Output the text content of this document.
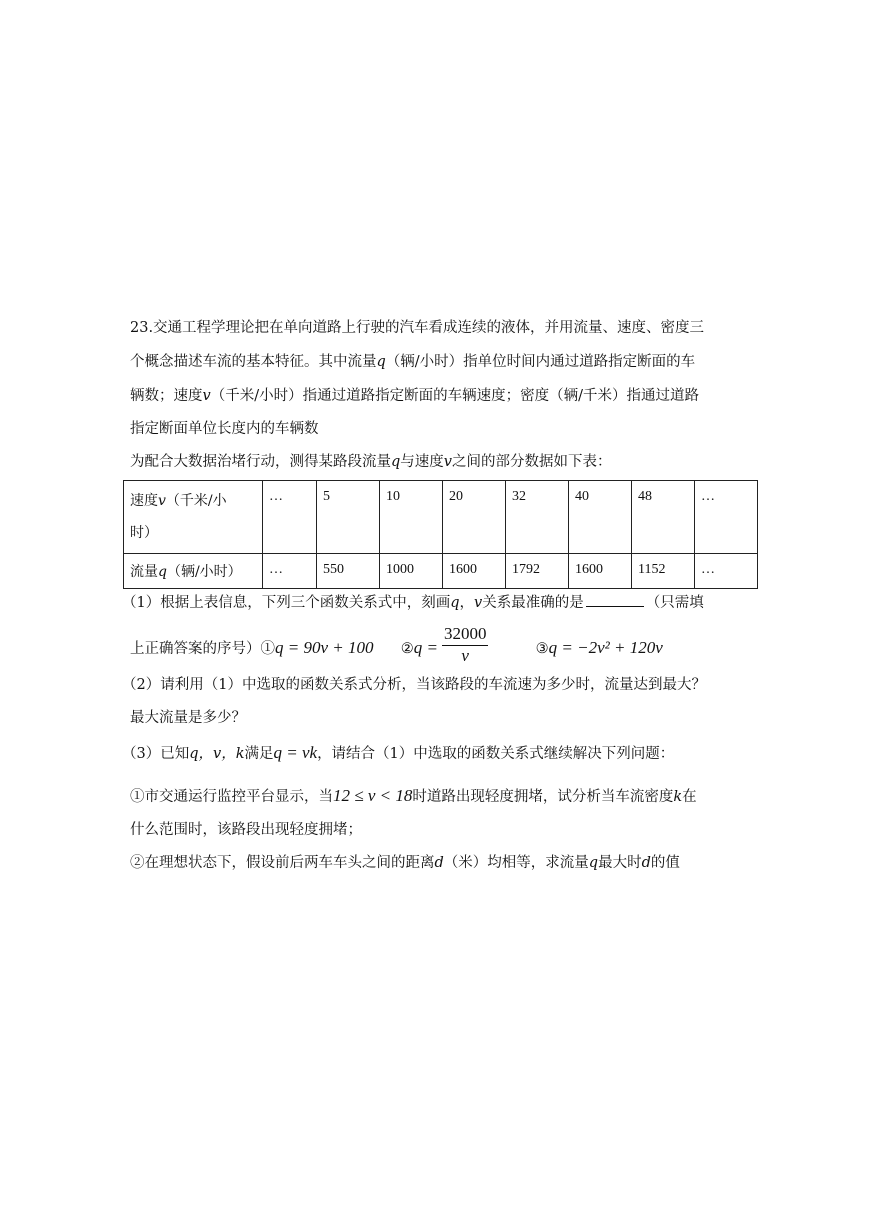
23.交通工程学理论把在单向道路上行驶的汽车看成连续的液体，并用流量、速度、密度三
个概念描述车流的基本特征。其中流量q（辆/小时）指单位时间内通过道路指定断面的车
辆数；速度v（千米/小时）指通过道路指定断面的车辆速度；密度（辆/千米）指通过道路
指定断面单位长度内的车辆数
为配合大数据治堵行动，测得某路段流量q与速度v之间的部分数据如下表：
速度v（千米/小
时）	…	5	10	20	32	40	48	…
流量q（辆/小时）	…	550	1000	1600	1792	1600	1152	…
（1）根据上表信息，下列三个函数关系式中，刻画q，v关系最准确的是	（只需填
上正确答案的序号）①q = 90v + 100 ②q = $\frac{32000}{v}$	③q = −2v² + 120v
（2）请利用（1）中选取的函数关系式分析，当该路段的车流速为多少时，流量达到最大？
最大流量是多少？
（3）已知q，v，k满足q = vk，请结合（1）中选取的函数关系式继续解决下列问题：
①市交通运行监控平台显示，当12 ≤ v < 18时道路出现轻度拥堵，试分析当车流密度k在
什么范围时，该路段出现轻度拥堵；
②在理想状态下，假设前后两车车头之间的距离d（米）均相等，求流量q最大时d的值
